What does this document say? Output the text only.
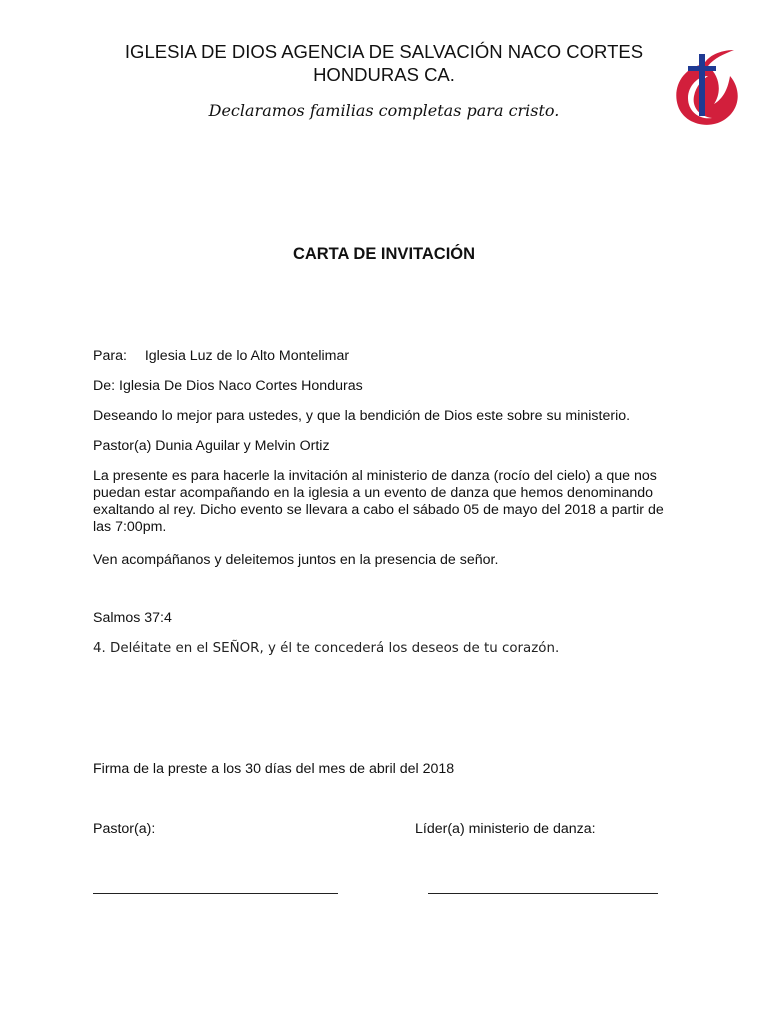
IGLESIA DE DIOS AGENCIA DE SALVACIÓN NACO CORTES
HONDURAS CA.
Declaramos familias completas para cristo.
CARTA DE INVITACIÓN
Para: Iglesia Luz de lo Alto Montelimar
De: Iglesia De Dios Naco Cortes Honduras
Deseando lo mejor para ustedes, y que la bendición de Dios este sobre su ministerio.
Pastor(a) Dunia Aguilar y Melvin Ortiz
La presente es para hacerle la invitación al ministerio de danza (rocío del cielo) a que nos
puedan estar acompañando en la iglesia a un evento de danza que hemos denominando
exaltando al rey. Dicho evento se llevara a cabo el sábado 05 de mayo del 2018 a partir de
las 7:00pm.
Ven acompáñanos y deleitemos juntos en la presencia de señor.
Salmos 37:4
4. Deléitate en el SEÑOR, y él te concederá los deseos de tu corazón.
Firma de la preste a los 30 días del mes de abril del 2018
Pastor(a):	Líder(a) ministerio de danza:
